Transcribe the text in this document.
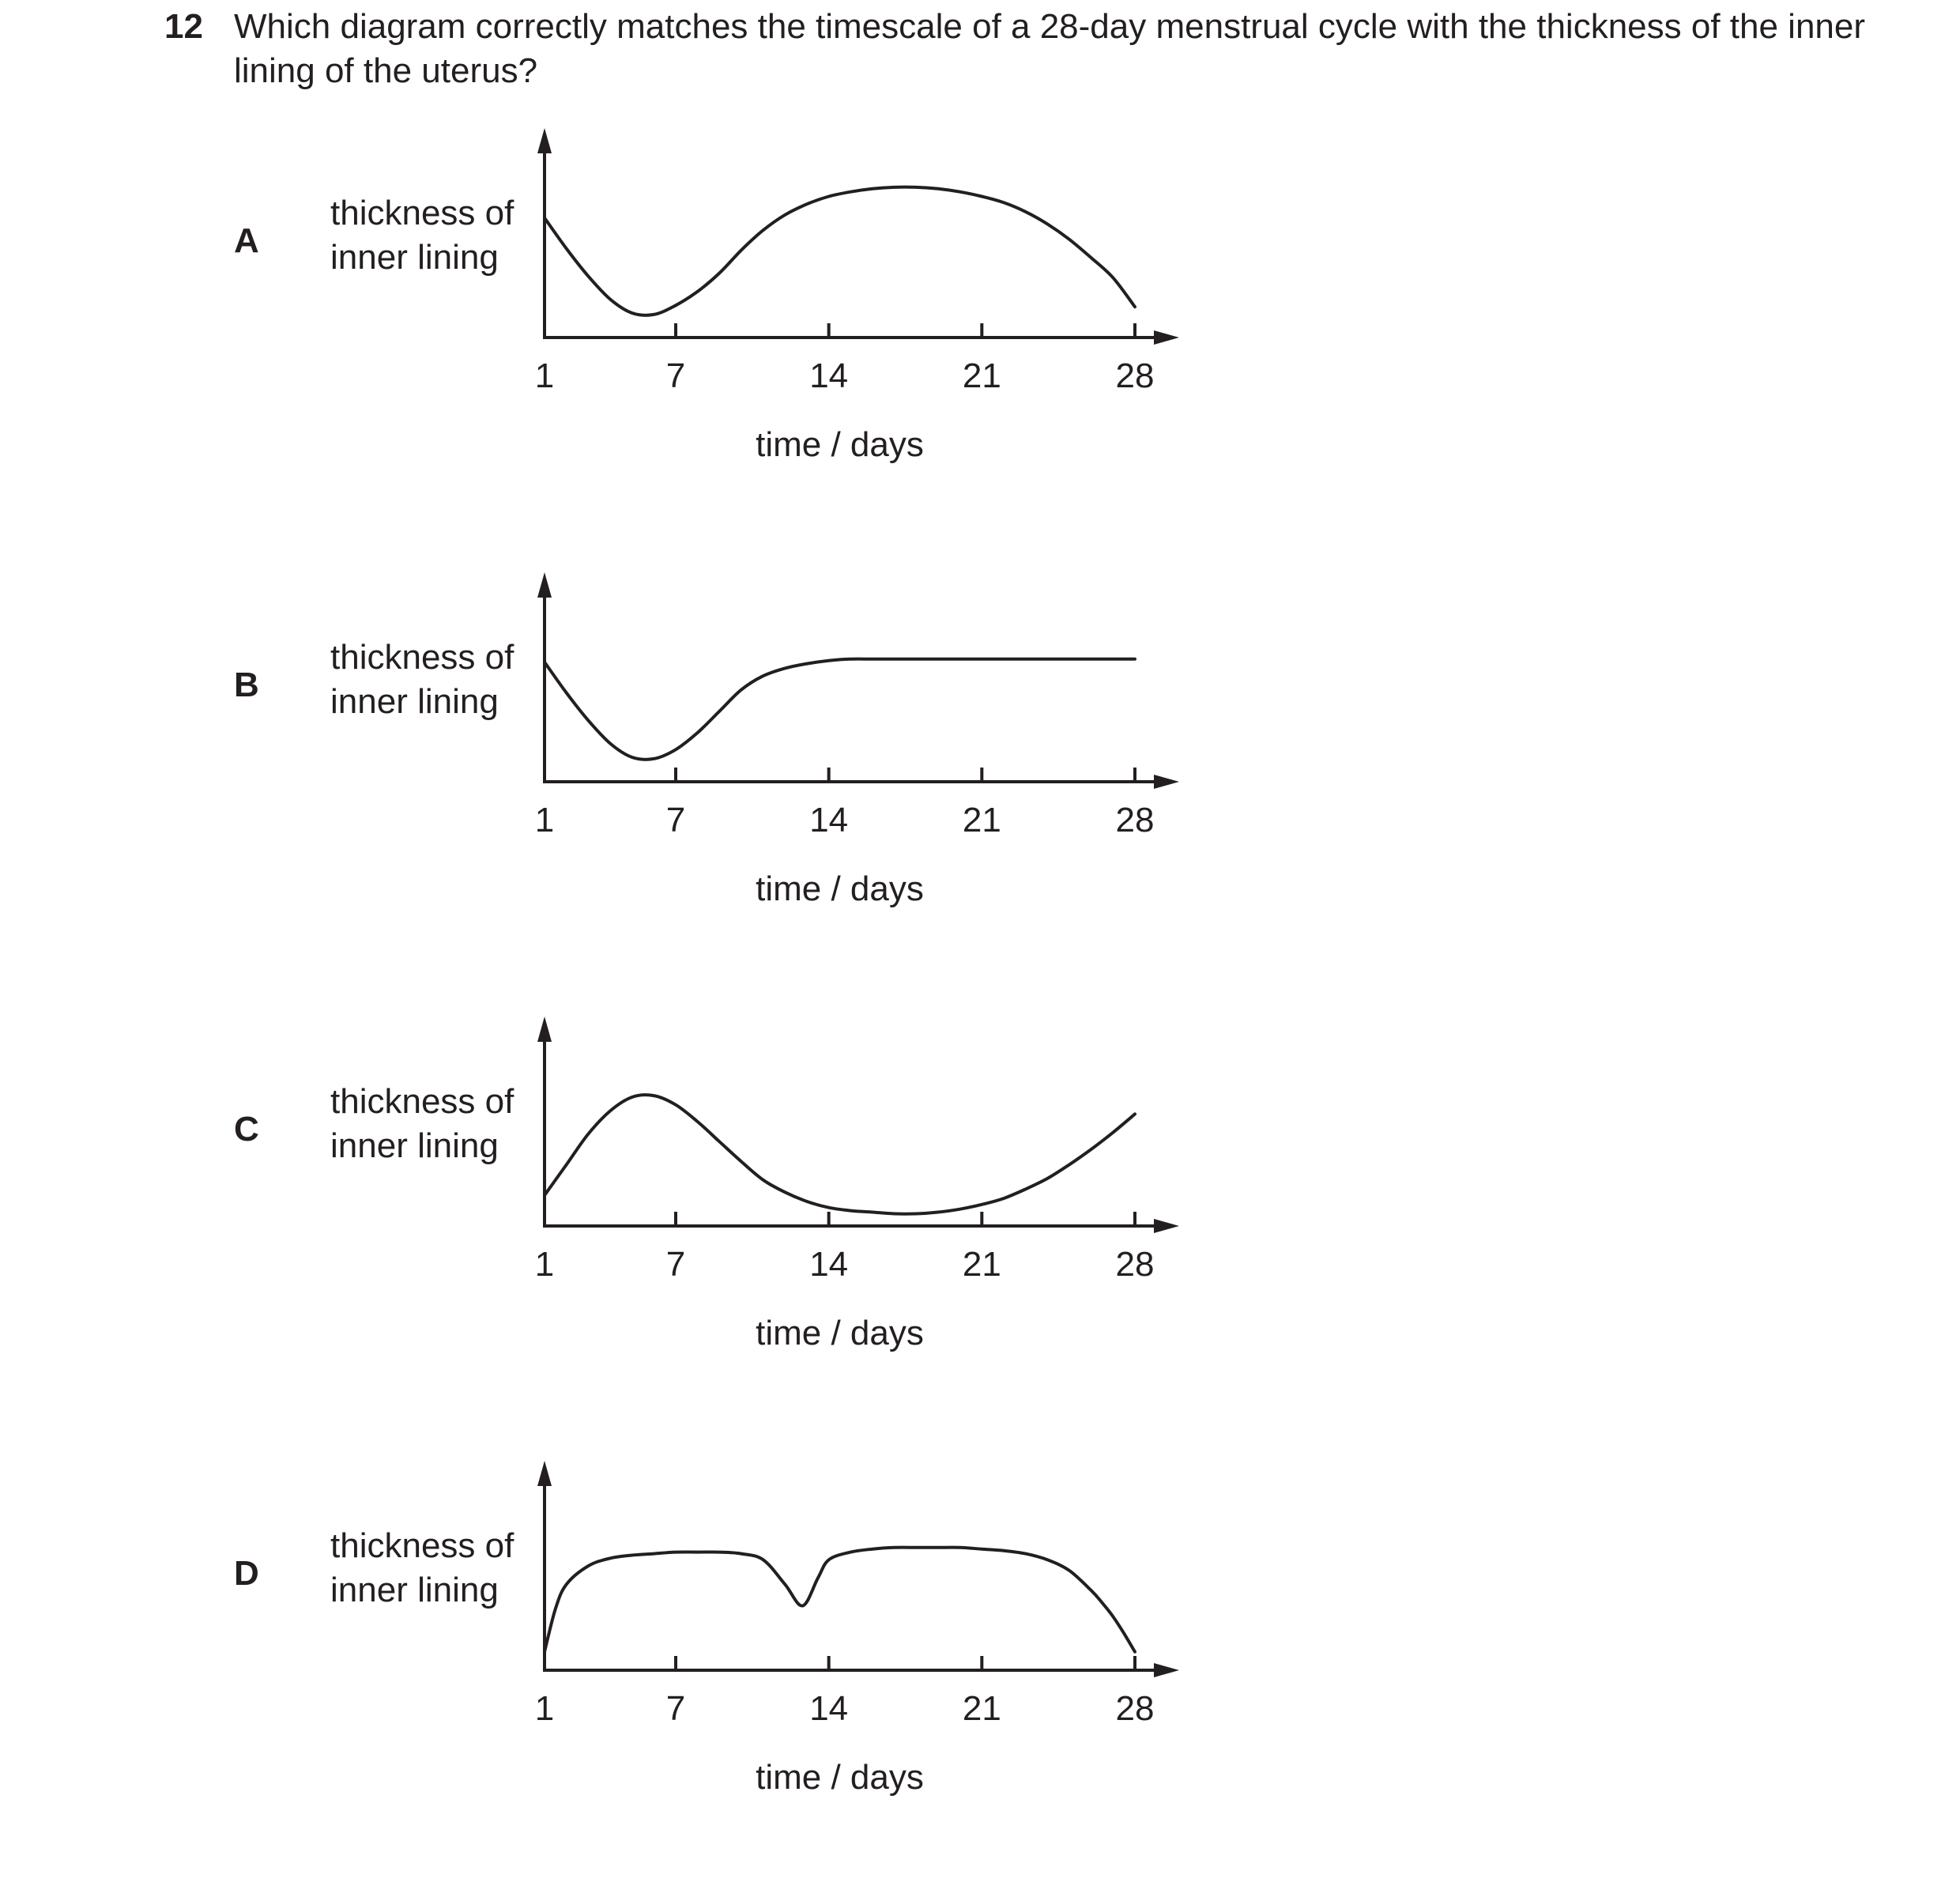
12 Which diagram correctly matches the timescale of a 28-day menstrual cycle with the thickness of the inner lining of the uterus?
A
thickness of
inner lining
1	7	14	21	28
time / days
B
thickness of
inner lining
1	7	14	21	28
time / days
C
thickness of
inner lining
1	7	14	21	28
time / days
D
thickness of
inner lining
1	7	14	21	28
time / days
